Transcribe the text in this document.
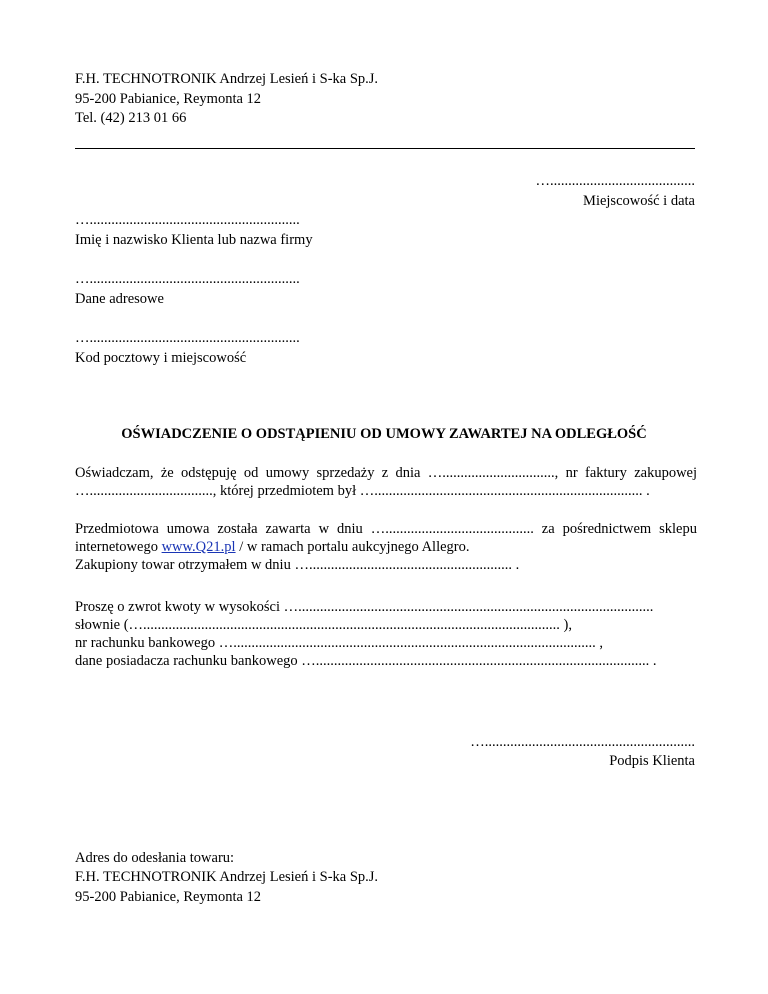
F.H. TECHNOTRONIK Andrzej Lesień i S-ka Sp.J.
95-200 Pabianice, Reymonta 12
Tel. (42) 213 01 66
…........................................
Miejscowość i data
…..........................................................
Imię i nazwisko Klienta lub nazwa firmy
…..........................................................
Dane adresowe
…..........................................................
Kod pocztowy i miejscowość
OŚWIADCZENIE O ODSTĄPIENIU OD UMOWY ZAWARTEJ NA ODLEGŁOŚĆ
Oświadczam, że odstępuję od umowy sprzedaży z dnia …..............................., nr faktury zakupowej
….................................., której przedmiotem był ….......................................................................... .
Przedmiotowa umowa została zawarta w dniu …......................................... za pośrednictwem sklepu
internetowego www.Q21.pl / w ramach portalu aukcyjnego Allegro.
Zakupiony towar otrzymałem w dniu …........................................................ .
Proszę o zwrot kwoty w wysokości …..................................................................................................
słownie (…................................................................................................................... ),
nr rachunku bankowego ….................................................................................................... ,
dane posiadacza rachunku bankowego …............................................................................................ .
…..........................................................
Podpis Klienta
Adres do odesłania towaru:
F.H. TECHNOTRONIK Andrzej Lesień i S-ka Sp.J.
95-200 Pabianice, Reymonta 12
